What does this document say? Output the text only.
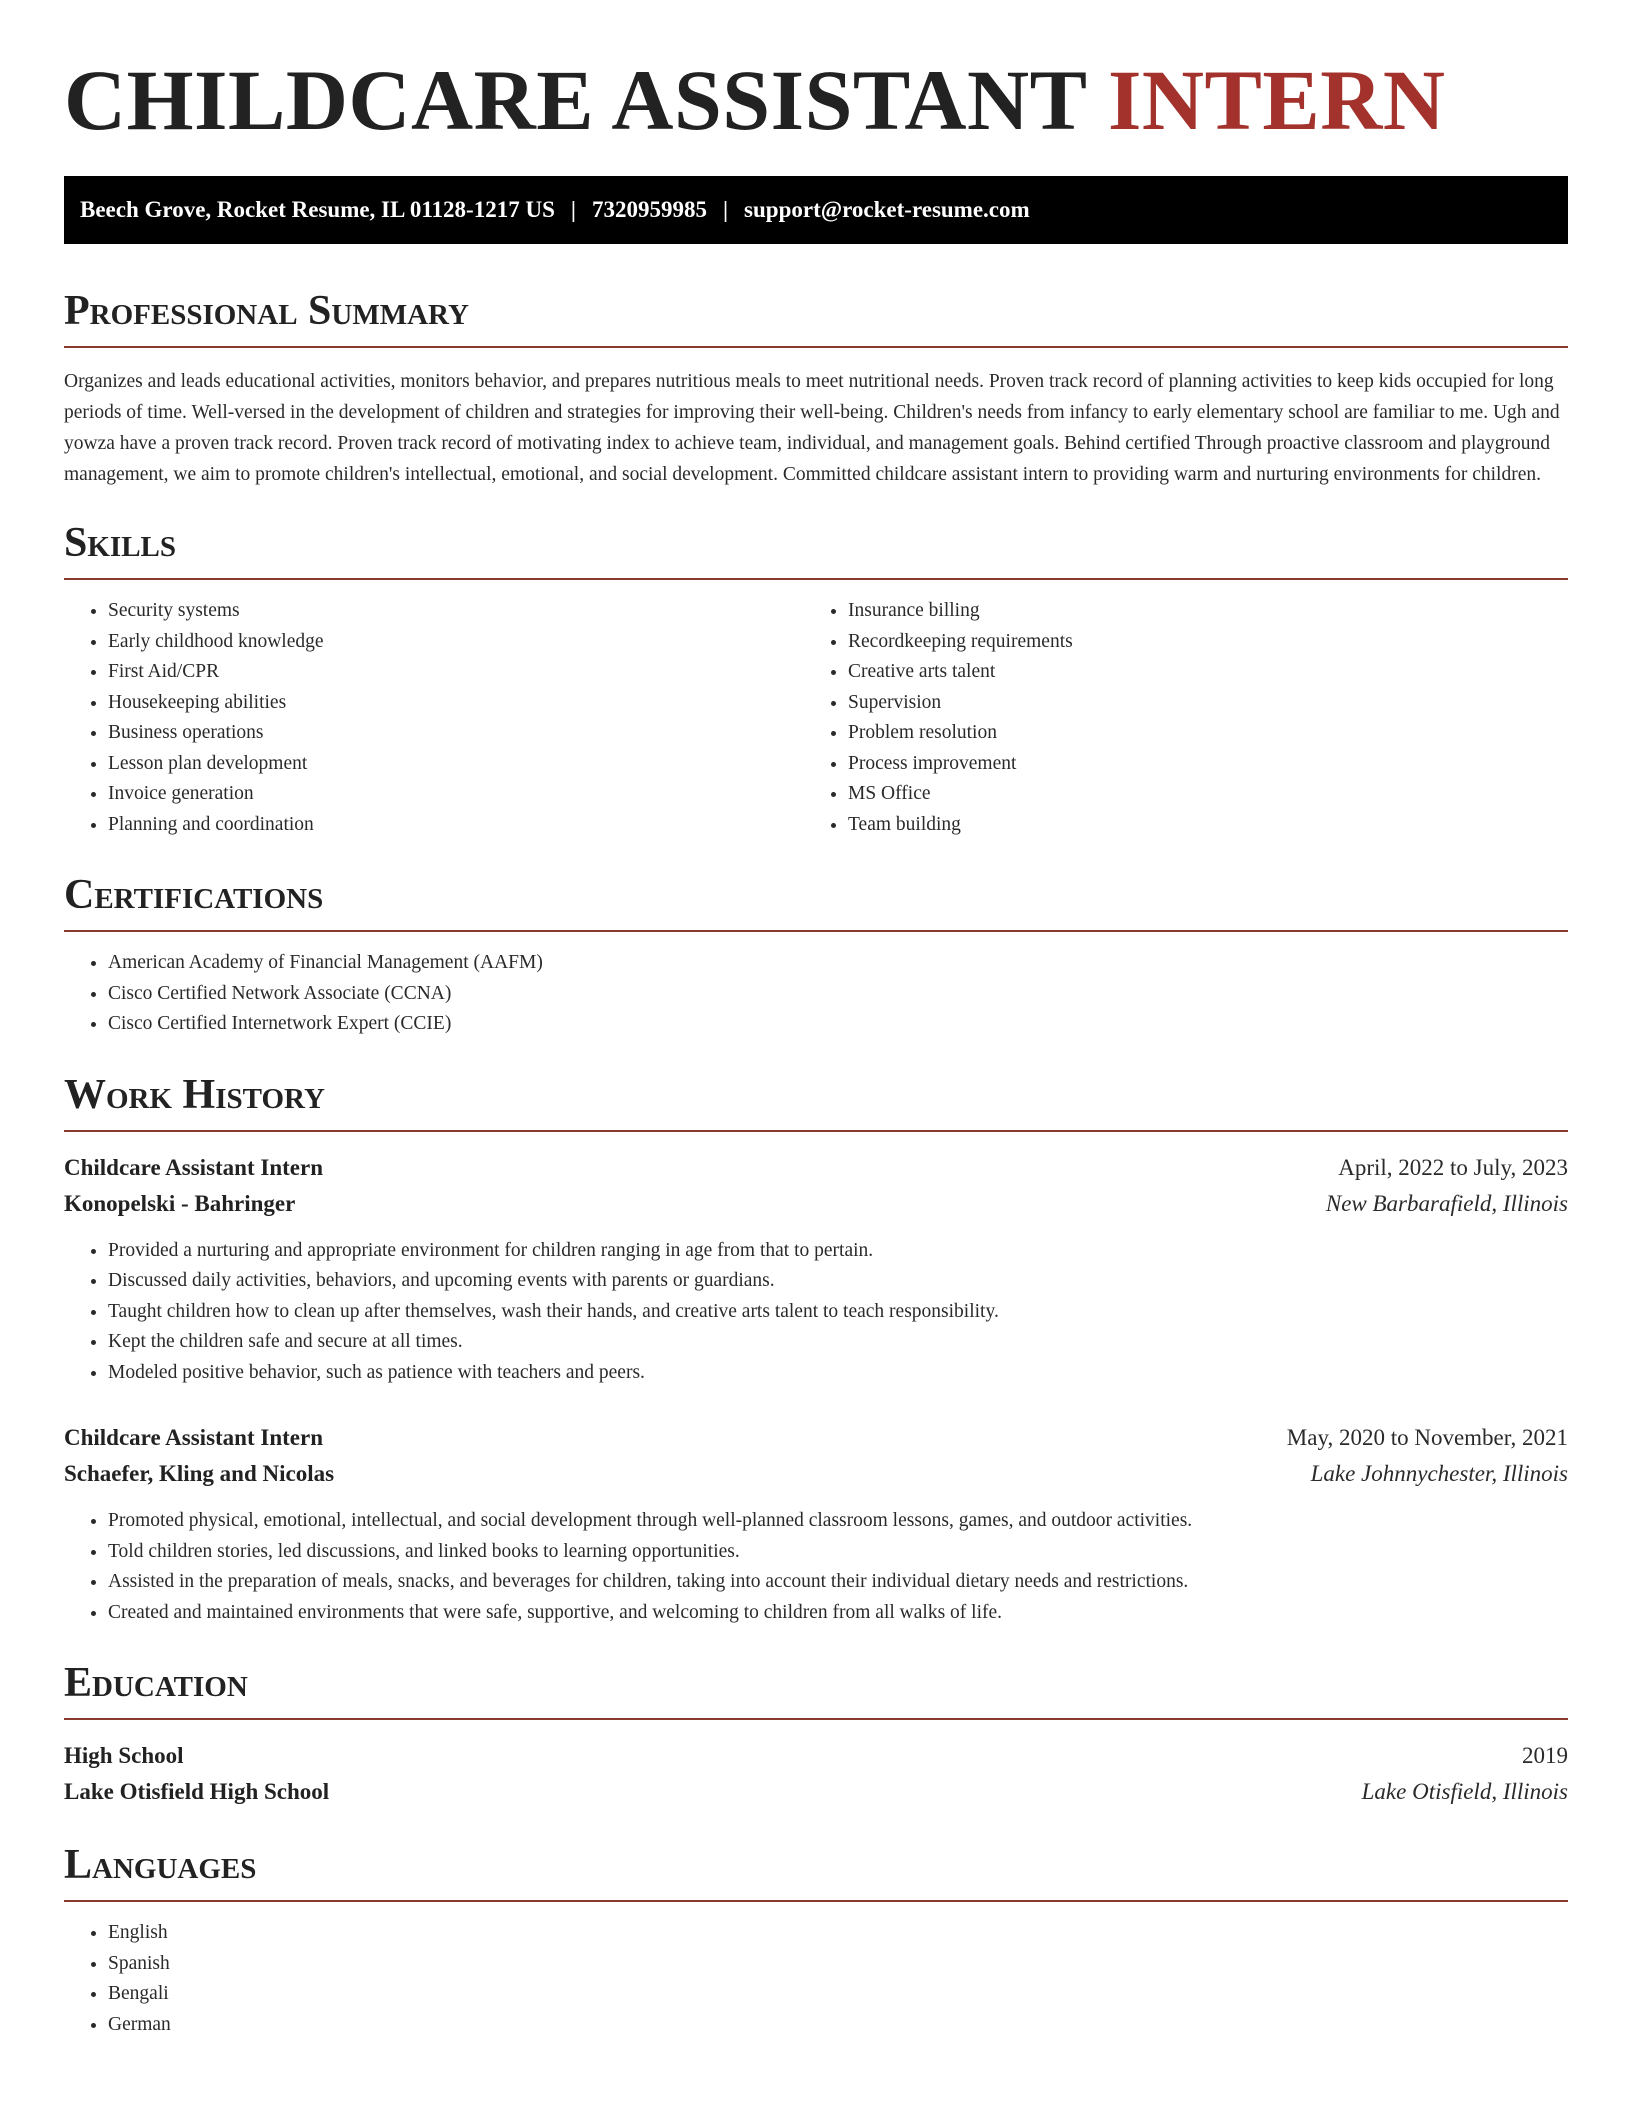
CHILDCARE ASSISTANT INTERN
Beech Grove, Rocket Resume, IL 01128-1217 US | 7320959985 | support@rocket-resume.com
Professional Summary

Organizes and leads educational activities, monitors behavior, and prepares nutritious meals to meet nutritional needs. Proven track record of planning activities to keep kids occupied for long periods of time. Well-versed in the development of children and strategies for improving their well-being. Children's needs from infancy to early elementary school are familiar to me. Ugh and yowza have a proven track record. Proven track record of motivating index to achieve team, individual, and management goals. Behind certified Through proactive classroom and playground management, we aim to promote children's intellectual, emotional, and social development. Committed childcare assistant intern to providing warm and nurturing environments for children.

Skills
• Security systems
• Early childhood knowledge
• First Aid/CPR
• Housekeeping abilities
• Business operations
• Lesson plan development
• Invoice generation
• Planning and coordination
• Insurance billing
• Recordkeeping requirements
• Creative arts talent
• Supervision
• Problem resolution
• Process improvement
• MS Office
• Team building
Certifications
• American Academy of Financial Management (AAFM)
• Cisco Certified Network Associate (CCNA)
• Cisco Certified Internetwork Expert (CCIE)
Work History
Childcare Assistant Intern	April, 2022 to July, 2023
Konopelski - Bahringer	New Barbarafield, Illinois
• Provided a nurturing and appropriate environment for children ranging in age from that to pertain.
• Discussed daily activities, behaviors, and upcoming events with parents or guardians.
• Taught children how to clean up after themselves, wash their hands, and creative arts talent to teach responsibility.
• Kept the children safe and secure at all times.
• Modeled positive behavior, such as patience with teachers and peers.
Childcare Assistant Intern	May, 2020 to November, 2021
Schaefer, Kling and Nicolas	Lake Johnnychester, Illinois
• Promoted physical, emotional, intellectual, and social development through well-planned classroom lessons, games, and outdoor activities.
• Told children stories, led discussions, and linked books to learning opportunities.
• Assisted in the preparation of meals, snacks, and beverages for children, taking into account their individual dietary needs and restrictions.
• Created and maintained environments that were safe, supportive, and welcoming to children from all walks of life.
Education
High School	2019
Lake Otisfield High School	Lake Otisfield, Illinois
Languages
• English
• Spanish
• Bengali
• German
